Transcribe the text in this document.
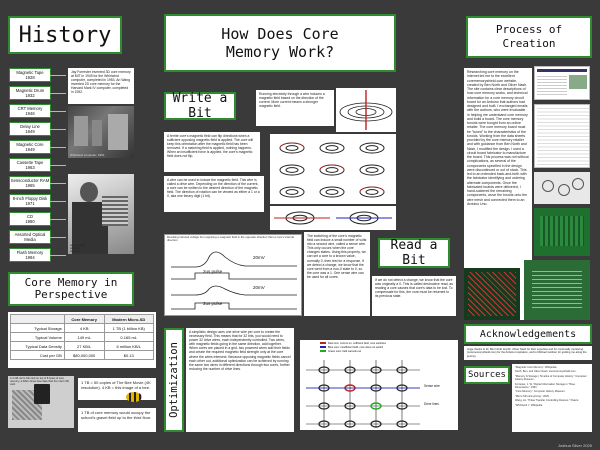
History
Magnetic Tape
1928
Magnetic Drum
1932
CRT Memory
1946
Delay Line
1949
Magnetic Core
1949
Cassette Tape
1963
Semiconductor RAM
1965
8-inch Floppy Disk
1971
CD
1980
Assorted Optical
Media
Flash Memory
1994
Jay Forrester invented 3D core memory at MIT in 1949 for the Whirlwind computer, completed in 1953. An Wang invented 2D core memory for the Harvard Mark IV computer, completed in 1952.
Whirlwind computer, 1951
Jay Forrester with core memory
Core Memory in Perspective
	Core Memory	Modern Micro-SD
Typical Storage	4 KB	1 TB (1 billion KB)
Typical Volume	149 mL	0.165 mL
Typical Data Density	27 KB/L	6 million KB/L
Cost per GB	$80,000,000	$0.13
A 4 GB micro SD card on top of 8 bytes of core memory, a billion times less data than the micro SD card.	1 TB = 50 copies of The Bee Movie (4K resolution). 4 KB = this image of a bee.
1 TB of core memory would occupy the school's gravel field up to the third floor.
How Does Core Memory Work?
Write a Bit
Running electricity through a wire induces a magnetic field based on the direction of the current. More current means a stronger magnetic field.
A ferrite core's magnetic field can flip directions when a sufficient opposing magnetic field is applied. The core will keep this orientation after the magnetic field has been removed. If a matching field is applied, nothing happens. When an insufficient force is applied, the core's magnetic field does not flip.
A wire can be used to induce the magnetic field. This wire is called a drive wire. Depending on the direction of the current, a core can be written to the desired direction of the magnetic field. The direction of rotation can be viewed as either a 1 or a 0, aka one binary digit (1 bit).
Resulting induced voltage from applying a magnetic field in the opposite direction than a core's internal direction
20mV
2us pulse
20mV
2us pulse
The switching of the core's magnetic field can induce a small number of volts into a second wire, called a sense wire. This only occurs when the core changes states. Using this property, we can set a core to a known value, normally 0, then test for a response. If we detect a change, we know that the core went from a non-0 state to 0, so the core was a 1. One sense wire can be used for all cores.
Read a Bit
If we do not detect a change, we know that the core was originally a 0. This is called destructive read, as reading a core causes that core's data to be lost. To compensate for this, the core must be returned to its previous state.
Optimization
A simplistic design uses one drive wire per core to create the necessary field. This means that for 32 bits, you would need to power 32 drive wires, each independently controlled. Two wires, with magnetic fields going in the same direction, add together. When cores are placed in a grid, two powered wires add their fields and create the required magnetic field strength only at the core where the wires intersect. Because opposing magnetic fields cancel each other out, additional optimization can be achieved by running the same two wires in different directions through two cores, further reducing the number of drive lines.
Red core: current on, sufficient field, core switches
Blue core: insufficient field, core does not switch
Green core: field cancels out
Sense wire
Drive lines
Process of Creation
Researching core memory on the internet led me to the excellent corememoryshield.com website, created by Ben North and Oliver Nash. The site contains clear descriptions of how core memory works, and technical information for a core memory circuit board for an Arduino that authors had designed and built. I exchanged emails with the authors, who were invaluable in helping me understand core memory and build a board. The core memory toroids were bought from an online retailer. The core memory board must be "tuned" to the characteristics of the toroids. Working from the data sheets provided by the core memory retailer and with guidance from Ben North and Nash, I modified the design. I used a circuit board fabricator to manufacture the board. This process was not without complications, as several of the components specified in the design were discontinued or out of stock. This led to an extended back-and-forth with the fabricator identifying and ordering alternate components. Once the fabricated boards were delivered, I hand-soldered the remaining components, wove the toroids onto the wire mesh and connected them to an Arduino Uno.
Acknowledgements
Huge thanks to Dr. Ben North and Dr. Oliver Nash for their expertise and for continually mentoring (corememoryshield.com) for the Arduino inspiration, and to Michael Goldner for guiding me along the journey.
Sources
"Magnetic Core Memory." Wikipedia.
North, Ben, and Oliver Nash. corememoryshield.com.
"Memory & Storage | Timeline of Computer History." Computer History Museum.
Forrester, J. W. "Digital Information Storage in Three Dimensions." 1951.
"Core Memory." Computer History Museum.
"Micro SD card pricing." 2025.
Wang, An. "Pulse Transfer Controlling Devices." Patent.
"Whirlwind I." Wikipedia.
Joshua Silver 2025
